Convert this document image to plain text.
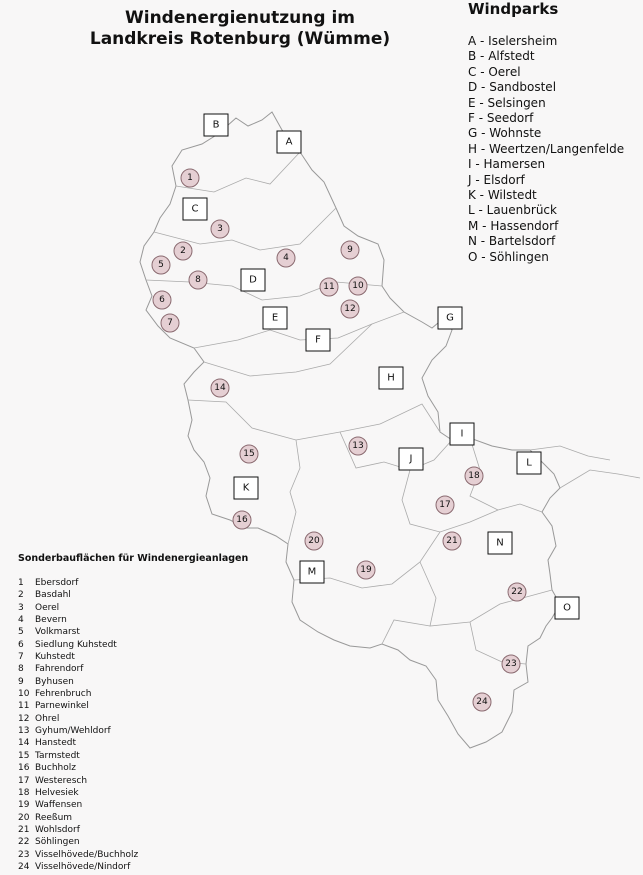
Windenergienutzung im
Landkreis Rotenburg (Wümme)
Windparks
A - Iselersheim
B - Alfstedt
C - Oerel
D - Sandbostel
E - Selsingen
F - Seedorf
G - Wohnste
H - Weertzen/Langenfelde
I - Hamersen
J - Elsdorf
K - Wilstedt
L - Lauenbrück
M - Hassendorf
N - Bartelsdorf
O - Söhlingen
Sonderbauflächen für Windenergieanlagen
1 Ebersdorf
2 Basdahl
3 Oerel
4 Bevern
5 Volkmarst
6 Siedlung Kuhstedt
7 Kuhstedt
8 Fahrendorf
9 Byhusen
10 Fehrenbruch
11 Parnewinkel
12 Ohrel
13 Gyhum/Wehldorf
14 Hanstedt
15 Tarmstedt
16 Buchholz
17 Westeresch
18 Helvesiek
19 Waffensen
20 Reeßum
21 Wohlsdorf
22 Söhlingen
23 Visselhövede/Buchholz
24 Visselhövede/Nindorf
A
B
C
D
E
F
G
H
I
J
K
L
M
N
O
1
2
3
4
5
6
7
8
9
10
11
12
13
14
15
16
17
18
19
20	21
22
23
24
